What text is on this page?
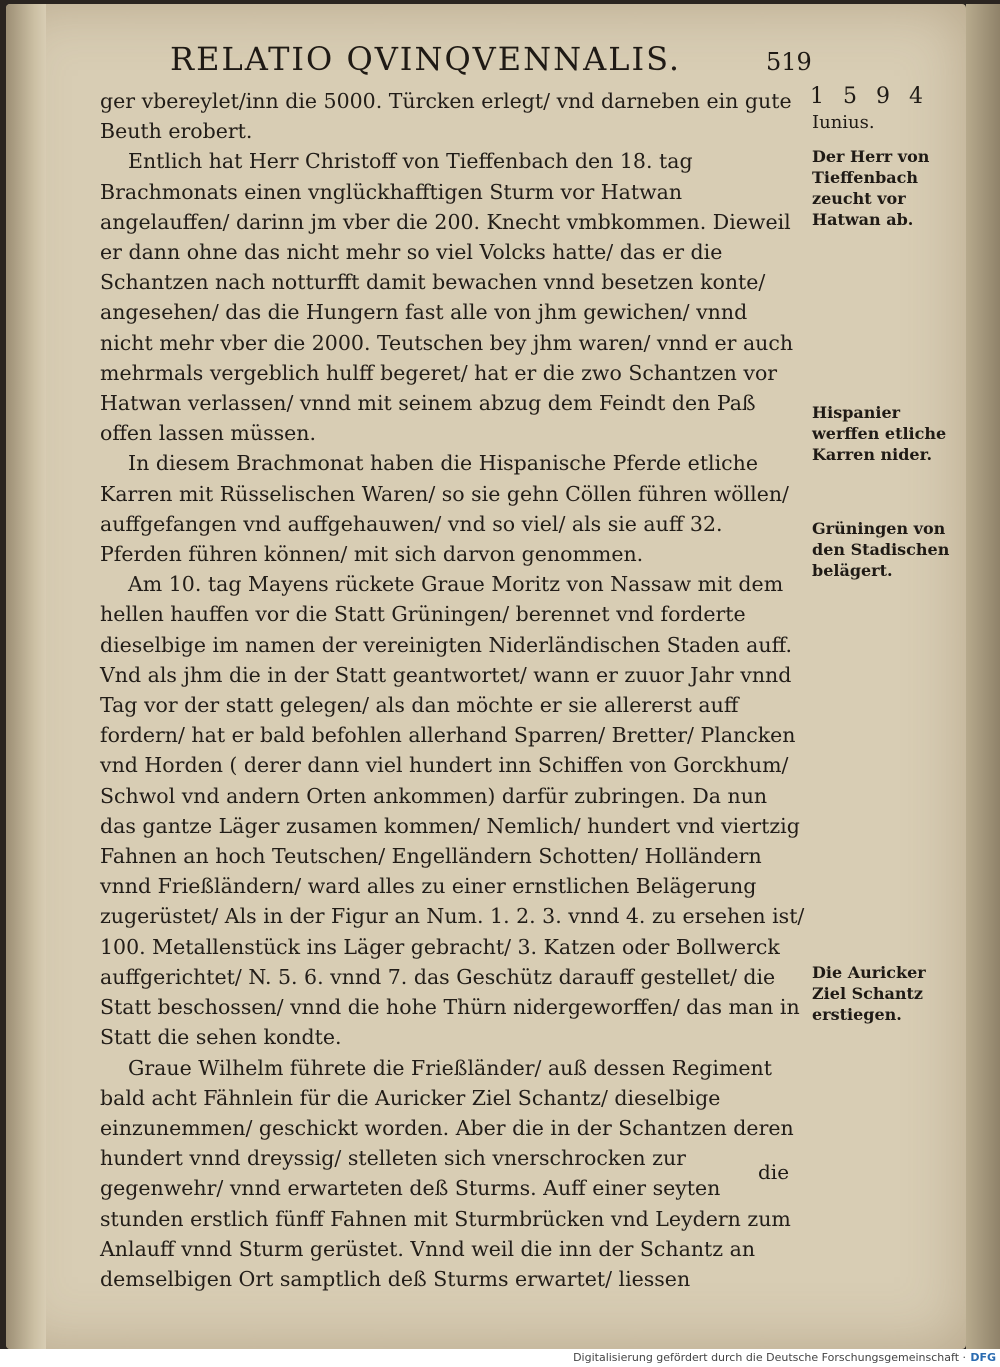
RELATIO QVINQVENNALIS.	519
1 5 9 4
Iunius.

ger vbereylet/inn die 5000. Türcken erlegt/ vnd darneben ein gute Beuth erobert.

Entlich hat Herr Christoff von Tieffenbach den 18. tag Brachmonats einen vnglückhafftigen Sturm vor Hatwan angelauffen/ darinn jm vber die 200. Knecht vmbkommen. Dieweil er dann ohne das nicht mehr so viel Volcks hatte/ das er die Schantzen nach notturfft damit bewachen vnnd besetzen konte/ angesehen/ das die Hungern fast alle von jhm gewichen/ vnnd nicht mehr vber die 2000. Teutschen bey jhm waren/ vnnd er auch mehrmals vergeblich hulff begeret/ hat er die zwo Schantzen vor Hatwan verlassen/ vnnd mit seinem abzug dem Feindt den Paß offen lassen müssen.

In diesem Brachmonat haben die Hispanische Pferde etliche Karren mit Rüsselischen Waren/ so sie gehn Cöllen führen wöllen/ auffgefangen vnd auffgehauwen/ vnd so viel/ als sie auff 32. Pferden führen können/ mit sich darvon genommen.

Am 10. tag Mayens rückete Graue Moritz von Nassaw mit dem hellen hauffen vor die Statt Grüningen/ berennet vnd forderte dieselbige im namen der vereinigten Niderländischen Staden auff. Vnd als jhm die in der Statt geantwortet/ wann er zuuor Jahr vnnd Tag vor der statt gelegen/ als dan möchte er sie allererst auff fordern/ hat er bald befohlen allerhand Sparren/ Bretter/ Plancken vnd Horden ( derer dann viel hundert inn Schiffen von Gorckhum/ Schwol vnd andern Orten ankommen) darfür zubringen. Da nun das gantze Läger zusamen kommen/ Nemlich/ hundert vnd viertzig Fahnen an hoch Teutschen/ Engelländern Schotten/ Holländern vnnd Frießländern/ ward alles zu einer ernstlichen Belägerung zugerüstet/ Als in der Figur an Num. 1. 2. 3. vnnd 4. zu ersehen ist/ 100. Metallenstück ins Läger gebracht/ 3. Katzen oder Bollwerck auffgerichtet/ N. 5. 6. vnnd 7. das Geschütz darauff gestellet/ die Statt beschossen/ vnnd die hohe Thürn nidergeworffen/ das man in Statt die sehen kondte.

Graue Wilhelm führete die Frießländer/ auß dessen Regiment bald acht Fähnlein für die Auricker Ziel Schantz/ dieselbige einzunemmen/ geschickt worden. Aber die in der Schantzen deren hundert vnnd dreyssig/ stelleten sich vnerschrocken zur gegenwehr/ vnnd erwarteten deß Sturms. Auff einer seyten stunden erstlich fünff Fahnen mit Sturmbrücken vnd Leydern zum Anlauff vnnd Sturm gerüstet. Vnnd weil die inn der Schantz an demselbigen Ort samptlich deß Sturms erwartet/ liessen

Der Herr von Tieffenbach zeucht vor Hatwan ab.
Hispanier werffen etliche Karren nider.
Grüningen von den Stadischen belägert.
Die Auricker Ziel Schantz erstiegen.
die
Digitalisierung gefördert durch die Deutsche Forschungsgemeinschaft · DFG
